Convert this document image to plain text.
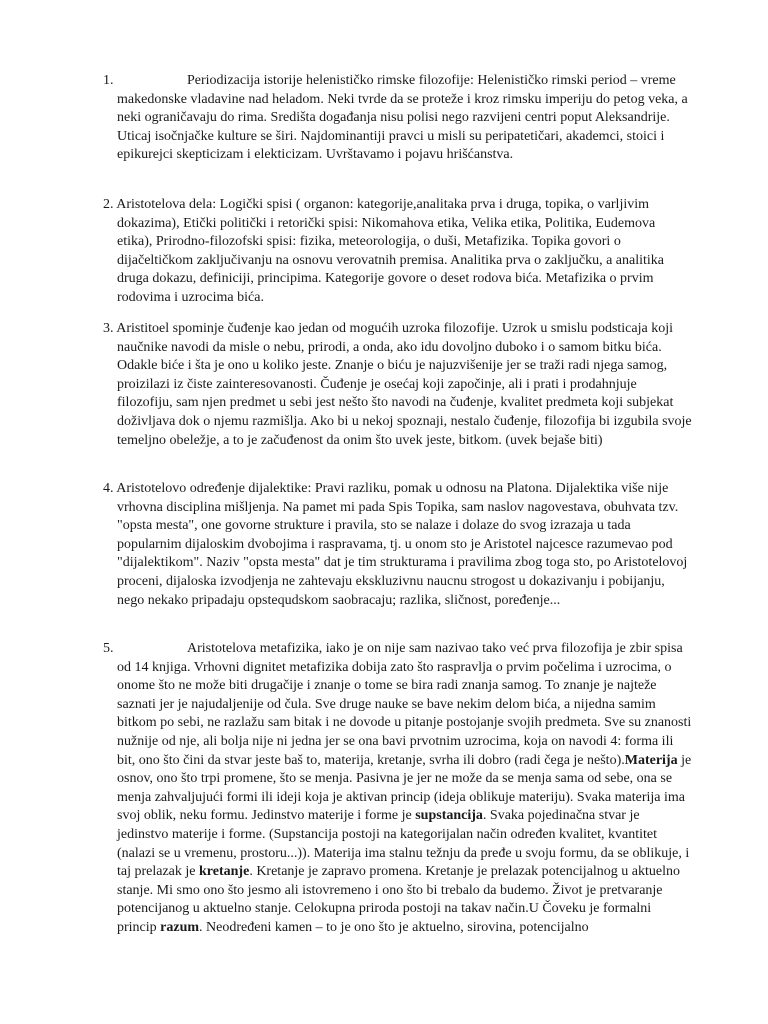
1.	Periodizacija istorije helenističko rimske filozofije: Helenističko rimski period – vreme makedonske vladavine nad heladom. Neki tvrde da se proteže i kroz rimsku imperiju do petog veka, a neki ograničavaju do rima. Središta događanja nisu polisi nego razvijeni centri poput Aleksandrije. Uticaj isočnjačke kulture se širi. Najdominantiji pravci u misli su peripatetičari, akademci, stoici i epikurejci skepticizam i elekticizam. Uvrštavamo i pojavu hrišćanstva.

2. Aristotelova dela: Logički spisi ( organon: kategorije,analitaka prva i druga, topika, o varljivim dokazima), Etički politički i retorički spisi: Nikomahova etika, Velika etika, Politika, Eudemova etika), Prirodno-filozofski spisi: fizika, meteorologija, o duši, Metafizika. Topika govori o dijačeltičkom zaključivanju na osnovu verovatnih premisa. Analitika prva o zaključku, a analitika druga dokazu, definiciji, principima. Kategorije govore o deset rodova bića. Metafizika o prvim rodovima i uzrocima bića.

3. Aristitoel spominje čuđenje kao jedan od mogućih uzroka filozofije. Uzrok u smislu podsticaja koji naučnike navodi da misle o nebu, prirodi, a onda, ako idu dovoljno duboko i o samom bitku bića. Odakle biće i šta je ono u koliko jeste. Znanje o biću je najuzvišenije jer se traži radi njega samog, proizilazi iz čiste zainteresovanosti. Čuđenje je osećaj koji započinje, ali i prati i prodahnjuje filozofiju, sam njen predmet u sebi jest nešto što navodi na čuđenje, kvalitet predmeta koji subjekat doživljava dok o njemu razmišlja. Ako bi u nekoj spoznaji, nestalo čuđenje, filozofija bi izgubila svoje temeljno obeležje, a to je začuđenost da onim što uvek jeste, bitkom. (uvek bejaše biti)

4. Aristotelovo određenje dijalektike: Pravi razliku, pomak u odnosu na Platona. Dijalektika više nije vrhovna disciplina mišljenja. Na pamet mi pada Spis Topika, sam naslov nagovestava, obuhvata tzv. "opsta mesta", one govorne strukture i pravila, sto se nalaze i dolaze do svog izrazaja u tada popularnim dijaloskim dvobojima i raspravama, tj. u onom sto je Aristotel najcesce razumevao pod "dijalektikom". Naziv "opsta mesta" dat je tim strukturama i pravilima zbog toga sto, po Aristotelovoj proceni, dijaloska izvodjenja ne zahtevaju ekskluzivnu naucnu strogost u dokazivanju i pobijanju, nego nekako pripadaju opstequdskom saobracaju; razlika, sličnost, poređenje...

5.	Aristotelova metafizika, iako je on nije sam nazivao tako već prva filozofija je zbir spisa od 14 knjiga. Vrhovni dignitet metafizika dobija zato što raspravlja o prvim počelima i uzrocima, o onome što ne može biti drugačije i znanje o tome se bira radi znanja samog. To znanje je najteže saznati jer je najudaljenije od čula. Sve druge nauke se bave nekim delom bića, a nijedna samim bitkom po sebi, ne razlažu sam bitak i ne dovode u pitanje postojanje svojih predmeta. Sve su znanosti nužnije od nje, ali bolja nije ni jedna jer se ona bavi prvotnim uzrocima, koja on navodi 4: forma ili bit, ono što čini da stvar jeste baš to, materija, kretanje, svrha ili dobro (radi čega je nešto).Materija je osnov, ono što trpi promene, što se menja. Pasivna je jer ne može da se menja sama od sebe, ona se menja zahvaljujući formi ili ideji koja je aktivan princip (ideja oblikuje materiju). Svaka materija ima svoj oblik, neku formu. Jedinstvo materije i forme je supstancija. Svaka pojedinačna stvar je jedinstvo materije i forme. (Supstancija postoji na kategorijalan način određen kvalitet, kvantitet (nalazi se u vremenu, prostoru...)). Materija ima stalnu težnju da pređe u svoju formu, da se oblikuje, i taj prelazak je kretanje. Kretanje je zapravo promena. Kretanje je prelazak potencijalnog u aktuelno stanje. Mi smo ono što jesmo ali istovremeno i ono što bi trebalo da budemo. Život je pretvaranje potencijanog u aktuelno stanje. Celokupna priroda postoji na takav način.U Čoveku je formalni princip razum. Neodređeni kamen – to je ono što je aktuelno, sirovina, potencijalno
